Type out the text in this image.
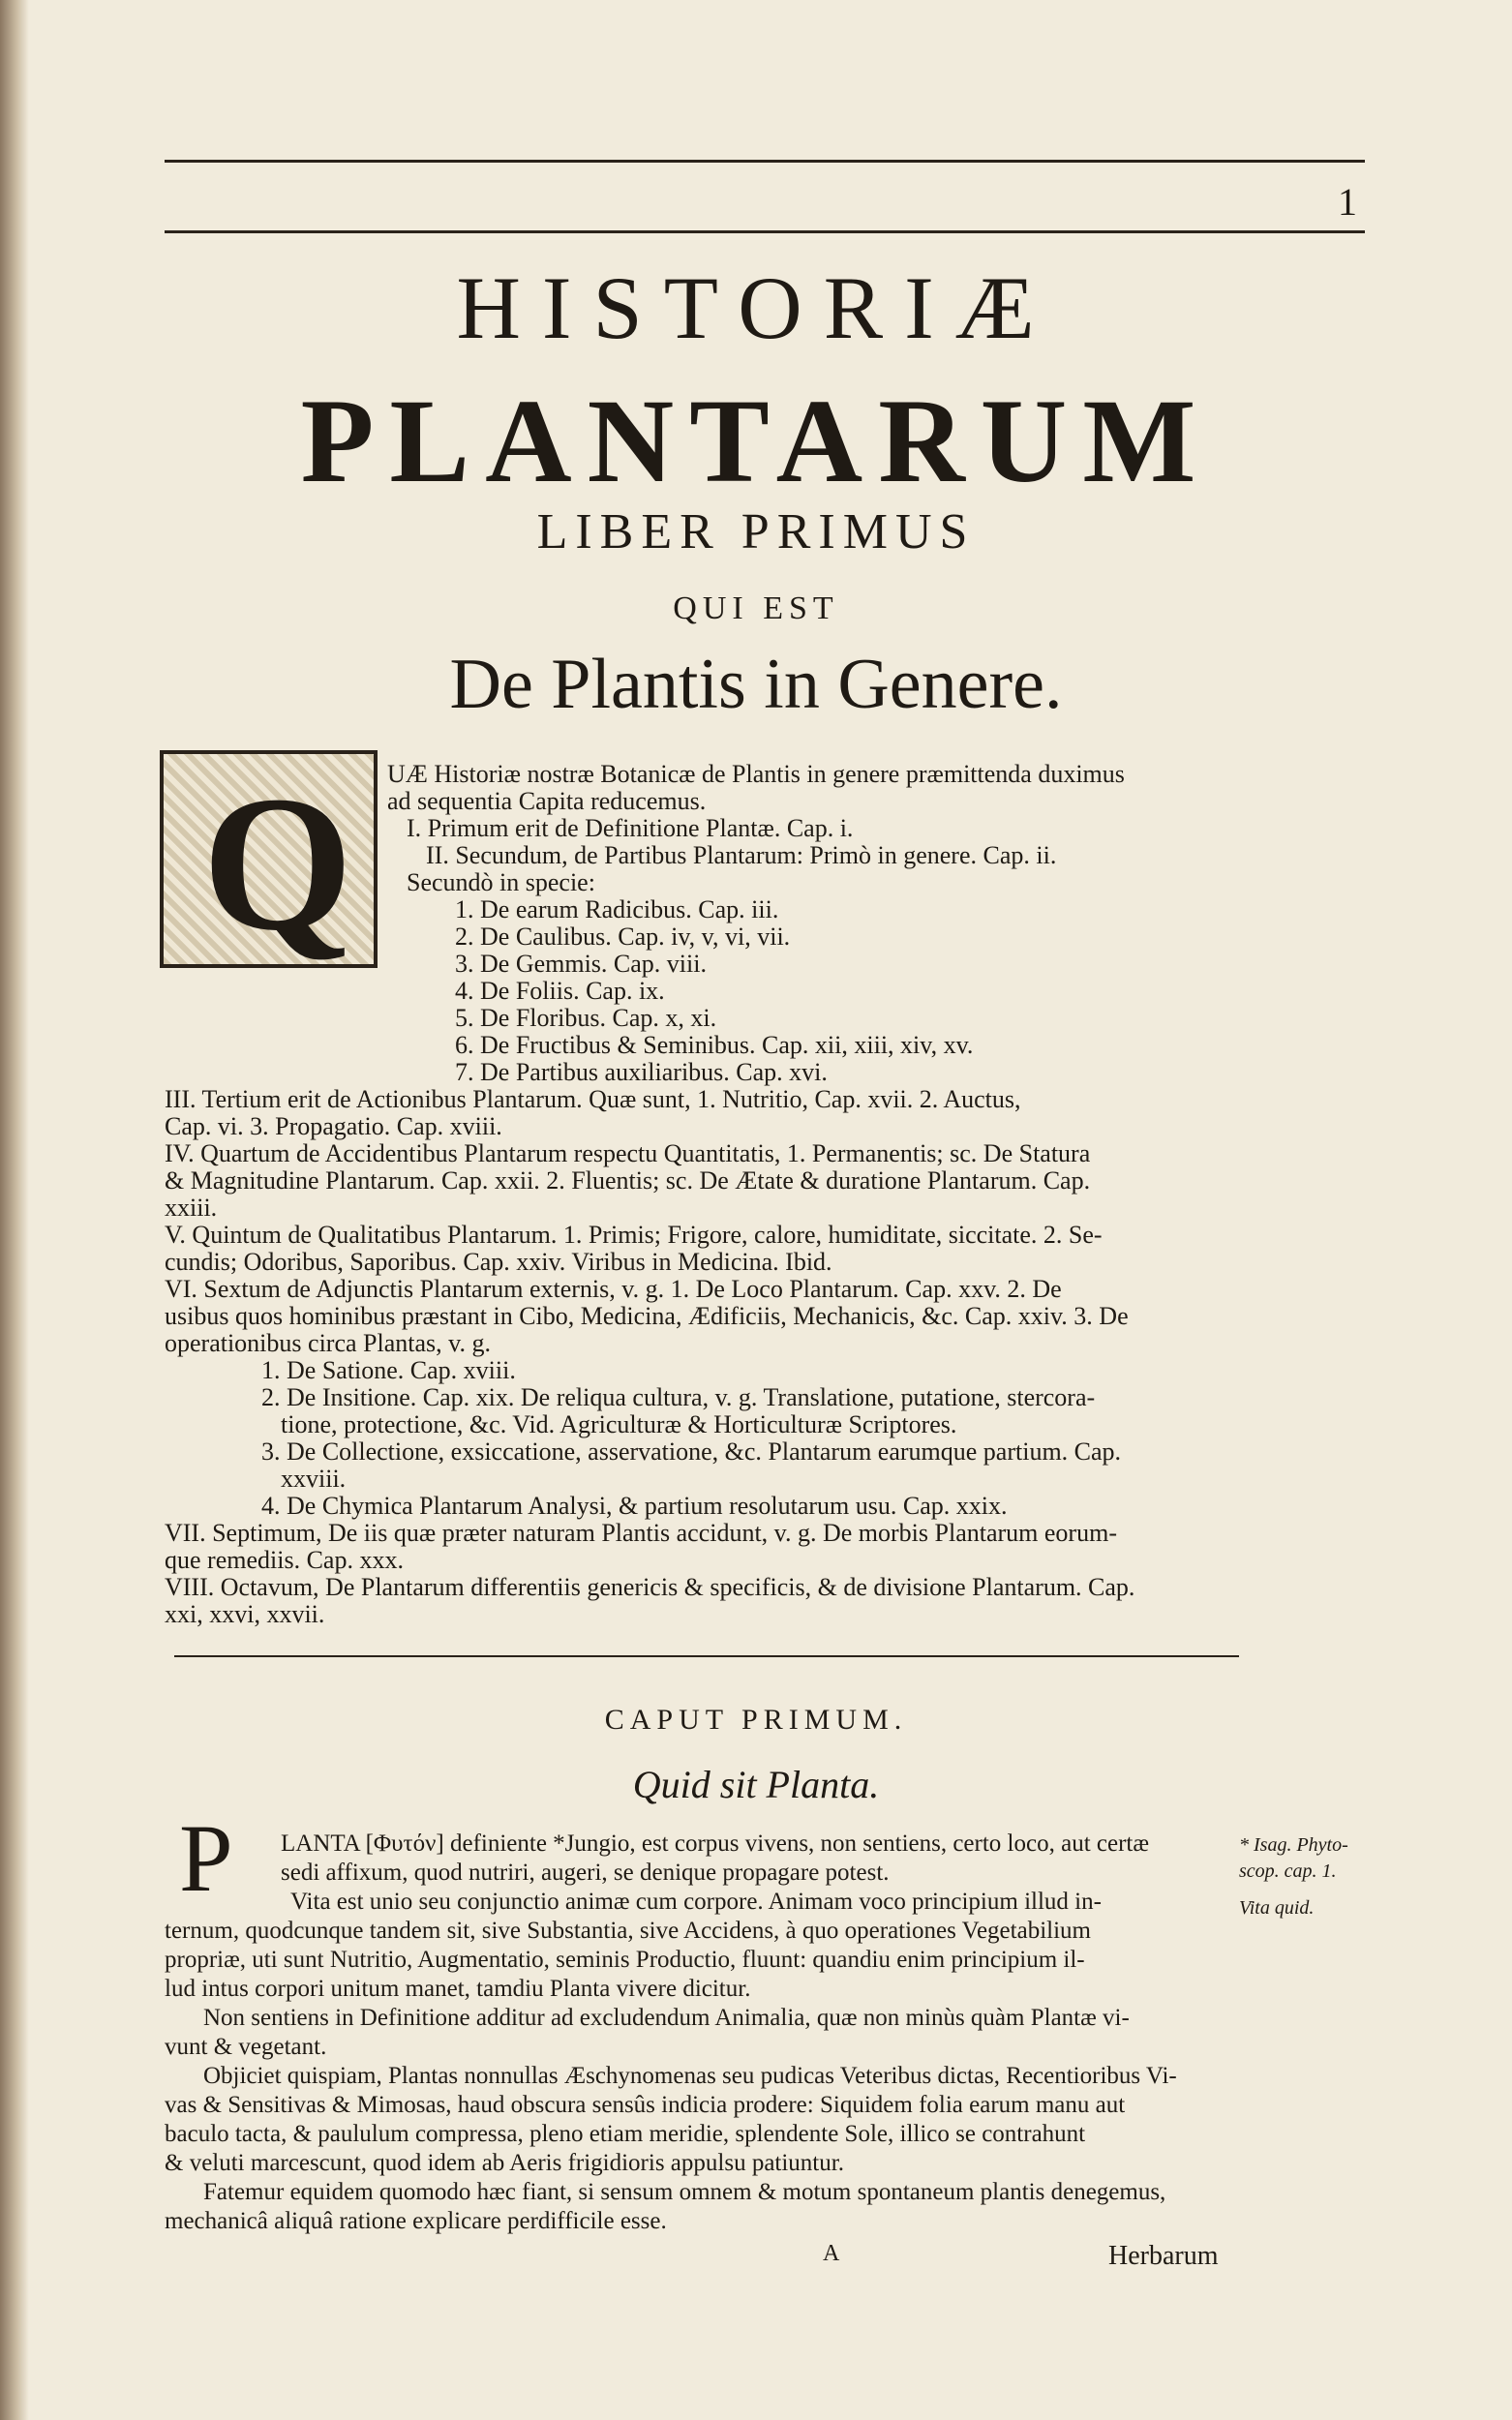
1
HISTORIÆ
PLANTARUM
LIBER PRIMUS
QUI EST
De Plantis in Genere.
Q UÆ Historiæ nostræ Botanicæ de Plantis in genere præmittenda duximus
ad sequentia Capita reducemus.
I. Primum erit de Definitione Plantæ. Cap. i.
II. Secundum, de Partibus Plantarum: Primò in genere. Cap. ii.
Secundò in specie:
1. De earum Radicibus. Cap. iii.
2. De Caulibus. Cap. iv, v, vi, vii.
3. De Gemmis. Cap. viii.
4. De Foliis. Cap. ix.
5. De Floribus. Cap. x, xi.
6. De Fructibus & Seminibus. Cap. xii, xiii, xiv, xv.
7. De Partibus auxiliaribus. Cap. xvi.
III. Tertium erit de Actionibus Plantarum. Quæ sunt, 1. Nutritio, Cap. xvii. 2. Auctus,
Cap. vi. 3. Propagatio. Cap. xviii.
IV. Quartum de Accidentibus Plantarum respectu Quantitatis, 1. Permanentis; sc. De Statura
& Magnitudine Plantarum. Cap. xxii. 2. Fluentis; sc. De Ætate & duratione Plantarum. Cap.
xxiii.
V. Quintum de Qualitatibus Plantarum. 1. Primis; Frigore, calore, humiditate, siccitate. 2. Se-
cundis; Odoribus, Saporibus. Cap. xxiv. Viribus in Medicina. Ibid.
VI. Sextum de Adjunctis Plantarum externis, v. g. 1. De Loco Plantarum. Cap. xxv. 2. De
usibus quos hominibus præstant in Cibo, Medicina, Ædificiis, Mechanicis, &c. Cap. xxiv. 3. De
operationibus circa Plantas, v. g.
1. De Satione. Cap. xviii.
2. De Insitione. Cap. xix. De reliqua cultura, v. g. Translatione, putatione, stercora-
tione, protectione, &c. Vid. Agriculturæ & Horticulturæ Scriptores.
3. De Collectione, exsiccatione, asservatione, &c. Plantarum earumque partium. Cap.
xxviii.
4. De Chymica Plantarum Analysi, & partium resolutarum usu. Cap. xxix.
VII. Septimum, De iis quæ præter naturam Plantis accidunt, v. g. De morbis Plantarum eorum-
que remediis. Cap. xxx.
VIII. Octavum, De Plantarum differentiis genericis & specificis, & de divisione Plantarum. Cap.
xxi, xxvi, xxvii.
CAPUT PRIMUM.
Quid sit Planta.
P LANTA [Φυτόν] definiente *Jungio, est corpus vivens, non sentiens, certo loco, aut certæ
sedi affixum, quod nutriri, augeri, se denique propagare potest.
Vita est unio seu conjunctio animæ cum corpore. Animam voco principium illud in-
ternum, quodcunque tandem sit, sive Substantia, sive Accidens, à quo operationes Vegetabilium
propriæ, uti sunt Nutritio, Augmentatio, seminis Productio, fluunt: quandiu enim principium il-
lud intus corpori unitum manet, tamdiu Planta vivere dicitur.
Non sentiens in Definitione additur ad excludendum Animalia, quæ non minùs quàm Plantæ vi-
vunt & vegetant.
Objiciet quispiam, Plantas nonnullas Æschynomenas seu pudicas Veteribus dictas, Recentioribus Vi-
vas & Sensitivas & Mimosas, haud obscura sensûs indicia prodere: Siquidem folia earum manu aut
baculo tacta, & paululum compressa, pleno etiam meridie, splendente Sole, illico se contrahunt
& veluti marcescunt, quod idem ab Aeris frigidioris appulsu patiuntur.
Fatemur equidem quomodo hæc fiant, si sensum omnem & motum spontaneum plantis denegemus,
mechanicâ aliquâ ratione explicare perdifficile esse.
* Isag. Phyto-
scop. cap. 1.
Vita quid.
A	Herbarum
